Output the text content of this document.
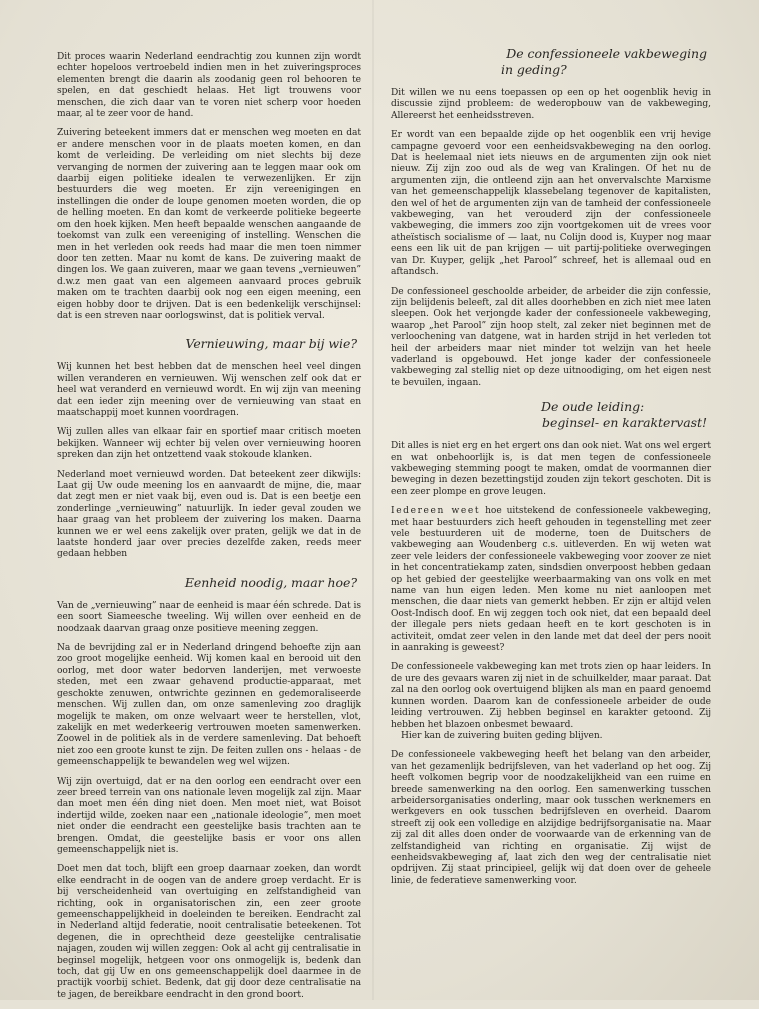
Dit proces waarin Nederland eendrachtig zou kunnen zijn wordt echter hopeloos vertroebeld indien men in het zuiveringsproces elementen brengt die daarin als zoodanig geen rol behooren te spelen, en dat geschiedt helaas. Het ligt trouwens voor menschen, die zich daar van te voren niet scherp voor hoeden maar, al te zeer voor de hand.

Zuivering beteekent immers dat er menschen weg moeten en dat er andere menschen voor in de plaats moeten komen, en dan komt de verleiding. De verleiding om niet slechts bij deze vervanging de normen der zuivering aan te leggen maar ook om daarbij eigen politieke idealen te verwezenlijken. Er zijn bestuurders die weg moeten. Er zijn vereenigingen en instellingen die onder de loupe genomen moeten worden, die op de helling moeten. En dan komt de verkeerde politieke begeerte om den hoek kijken. Men heeft bepaalde wenschen aangaande de toekomst van zulk een vereeniging of instelling. Wenschen die men in het verleden ook reeds had maar die men toen nimmer door ten zetten. Maar nu komt de kans. De zuivering maakt de dingen los. We gaan zuiveren, maar we gaan tevens „vernieuwen” d.w.z men gaat van een algemeen aanvaard proces gebruik maken om te trachten daarbij ook nog een eigen meening, een eigen hobby door te drijven. Dat is een bedenkelijk verschijnsel: dat is een streven naar oorlogswinst, dat is politiek verval.

Vernieuwing, maar bij wie?

Wij kunnen het best hebben dat de menschen heel veel dingen willen veranderen en vernieuwen. Wij wenschen zelf ook dat er heel wat veranderd en vernieuwd wordt. En wij zijn van meening dat een ieder zijn meening over de vernieuwing van staat en maatschappij moet kunnen voordragen.

Wij zullen alles van elkaar fair en sportief maar critisch moeten bekijken. Wanneer wij echter bij velen over vernieuwing hooren spreken dan zijn het ontzettend vaak stokoude klanken.

Nederland moet vernieuwd worden. Dat beteekent zeer dikwijls: Laat gij Uw oude meening los en aanvaardt de mijne, die, maar dat zegt men er niet vaak bij, even oud is. Dat is een beetje een zonderlinge „vernieuwing” natuurlijk. In ieder geval zouden we haar graag van het probleem der zuivering los maken. Daarna kunnen we er wel eens zakelijk over praten, gelijk we dat in de laatste honderd jaar over precies dezelfde zaken, reeds meer gedaan hebben

Eenheid noodig, maar hoe?

Van de „vernieuwing” naar de eenheid is maar één schrede. Dat is een soort Siameesche tweeling. Wij willen over eenheid en de noodzaak daarvan graag onze positieve meening zeggen.

Na de bevrijding zal er in Nederland dringend behoefte zijn aan zoo groot mogelijke eenheid. Wij komen kaal en berooid uit den oorlog, met door water bedorven landerijen, met verwoeste steden, met een zwaar gehavend productie-apparaat, met geschokte zenuwen, ontwrichte gezinnen en gedemoraliseerde menschen. Wij zullen dan, om onze samenleving zoo draglijk mogelijk te maken, om onze welvaart weer te herstellen, vlot, zakelijk en met wederkeerig vertrouwen moeten samenwerken. Zoowel in de politiek als in de verdere samenleving. Dat behoeft niet zoo een groote kunst te zijn. De feiten zullen ons - helaas - de gemeenschappelijk te bewandelen weg wel wijzen.

Wij zijn overtuigd, dat er na den oorlog een eendracht over een zeer breed terrein van ons nationale leven mogelijk zal zijn. Maar dan moet men één ding niet doen. Men moet niet, wat Boisot indertijd wilde, zoeken naar een „nationale ideologie”, men moet niet onder die eendracht een geestelijke basis trachten aan te brengen. Omdat, die geestelijke basis er voor ons allen gemeenschappelijk niet is.

Doet men dat toch, blijft een groep daarnaar zoeken, dan wordt elke eendracht in de oogen van de andere groep verdacht. Er is bij verscheidenheid van overtuiging en zelfstandigheid van richting, ook in organisatorischen zin, een zeer groote gemeenschappelijkheid in doeleinden te bereiken. Eendracht zal in Nederland altijd federatie, nooit centralisatie beteekenen. Tot degenen, die in oprechtheid deze geestelijke centralisatie najagen, zouden wij willen zeggen: Ook al acht gij centralisatie in beginsel mogelijk, hetgeen voor ons onmogelijk is, bedenk dan toch, dat gij Uw en ons gemeenschappelijk doel daarmee in de practijk voorbij schiet. Bedenk, dat gij door deze centralisatie na te jagen, de bereikbare eendracht in den grond boort.

De confessioneele vakbeweging
in geding?

Dit willen we nu eens toepassen op een op het oogenblik hevig in discussie zijnd probleem: de wederopbouw van de vakbeweging, Allereerst het eenheidsstreven.

Er wordt van een bepaalde zijde op het oogenblik een vrij hevige campagne gevoerd voor een eenheidsvakbeweging na den oorlog. Dat is heelemaal niet iets nieuws en de argumenten zijn ook niet nieuw. Zij zijn zoo oud als de weg van Kralingen. Of het nu de argumenten zijn, die ontleend zijn aan het onvervalschte Marxisme van het gemeenschappelijk klassebelang tegenover de kapitalisten, den wel of het de argumenten zijn van de tamheid der confessioneele vakbeweging, van het verouderd zijn der confessioneele vakbeweging, die immers zoo zijn voortgekomen uit de vrees voor atheïstisch socialisme of — laat, nu Colijn dood is, Kuyper nog maar eens een lik uit de pan krijgen — uit partij-politieke overwegingen van Dr. Kuyper, gelijk „het Parool” schreef, het is allemaal oud en aftandsch.

De confessioneel geschoolde arbeider, de arbeider die zijn confessie, zijn belijdenis beleeft, zal dit alles doorhebben en zich niet mee laten sleepen. Ook het verjongde kader der confessioneele vakbeweging, waarop „het Parool” zijn hoop stelt, zal zeker niet beginnen met de verloochening van datgene, wat in harden strijd in het verleden tot heil der arbeiders maar niet minder tot welzijn van het heele vaderland is opgebouwd. Het jonge kader der confessioneele vakbeweging zal stellig niet op deze uitnoodiging, om het eigen nest te bevuilen, ingaan.

De oude leiding:
beginsel- en karaktervast!

Dit alles is niet erg en het ergert ons dan ook niet. Wat ons wel ergert en wat onbehoorlijk is, is dat men tegen de confessioneele vakbeweging stemming poogt te maken, omdat de voormannen dier beweging in dezen bezettingstijd zouden zijn tekort geschoten. Dit is een zeer plompe en grove leugen.

Iedereen weet hoe uitstekend de confessioneele vakbeweging, met haar bestuurders zich heeft gehouden in tegenstelling met zeer vele bestuurderen uit de moderne, toen de Duitschers de vakbeweging aan Woudenberg c.s. uitleverden. En wij weten wat zeer vele leiders der confessioneele vakbeweging voor zoover ze niet in het concentratiekamp zaten, sindsdien onverpoost hebben gedaan op het gebied der geestelijke weerbaarmaking van ons volk en met name van hun eigen leden. Men kome nu niet aanloopen met menschen, die daar niets van gemerkt hebben. Er zijn er altijd velen Oost-Indisch doof. En wij zeggen toch ook niet, dat een bepaald deel der illegale pers niets gedaan heeft en te kort geschoten is in activiteit, omdat zeer velen in den lande met dat deel der pers nooit in aanraking is geweest?

De confessioneele vakbeweging kan met trots zien op haar leiders. In de ure des gevaars waren zij niet in de schuilkelder, maar paraat. Dat zal na den oorlog ook overtuigend blijken als man en paard genoemd kunnen worden. Daarom kan de confessioneele arbeider de oude leiding vertrouwen. Zij hebben beginsel en karakter getoond. Zij hebben het blazoen onbesmet bewaard.

Hier kan de zuivering buiten geding blijven.

De confessioneele vakbeweging heeft het belang van den arbeider, van het gezamenlijk bedrijfsleven, van het vaderland op het oog. Zij heeft volkomen begrip voor de noodzakelijkheid van een ruime en breede samenwerking na den oorlog. Een samenwerking tusschen arbeidersorganisaties onderling, maar ook tusschen werknemers en werkgevers en ook tusschen bedrijfsleven en overheid. Daarom streeft zij ook een volledige en alzijdige bedrijfsorganisatie na. Maar zij zal dit alles doen onder de voorwaarde van de erkenning van de zelfstandigheid van richting en organisatie. Zij wijst de eenheidsvakbeweging af, laat zich den weg der centralisatie niet opdrijven. Zij staat principieel, gelijk wij dat doen over de geheele linie, de federatieve samenwerking voor.
